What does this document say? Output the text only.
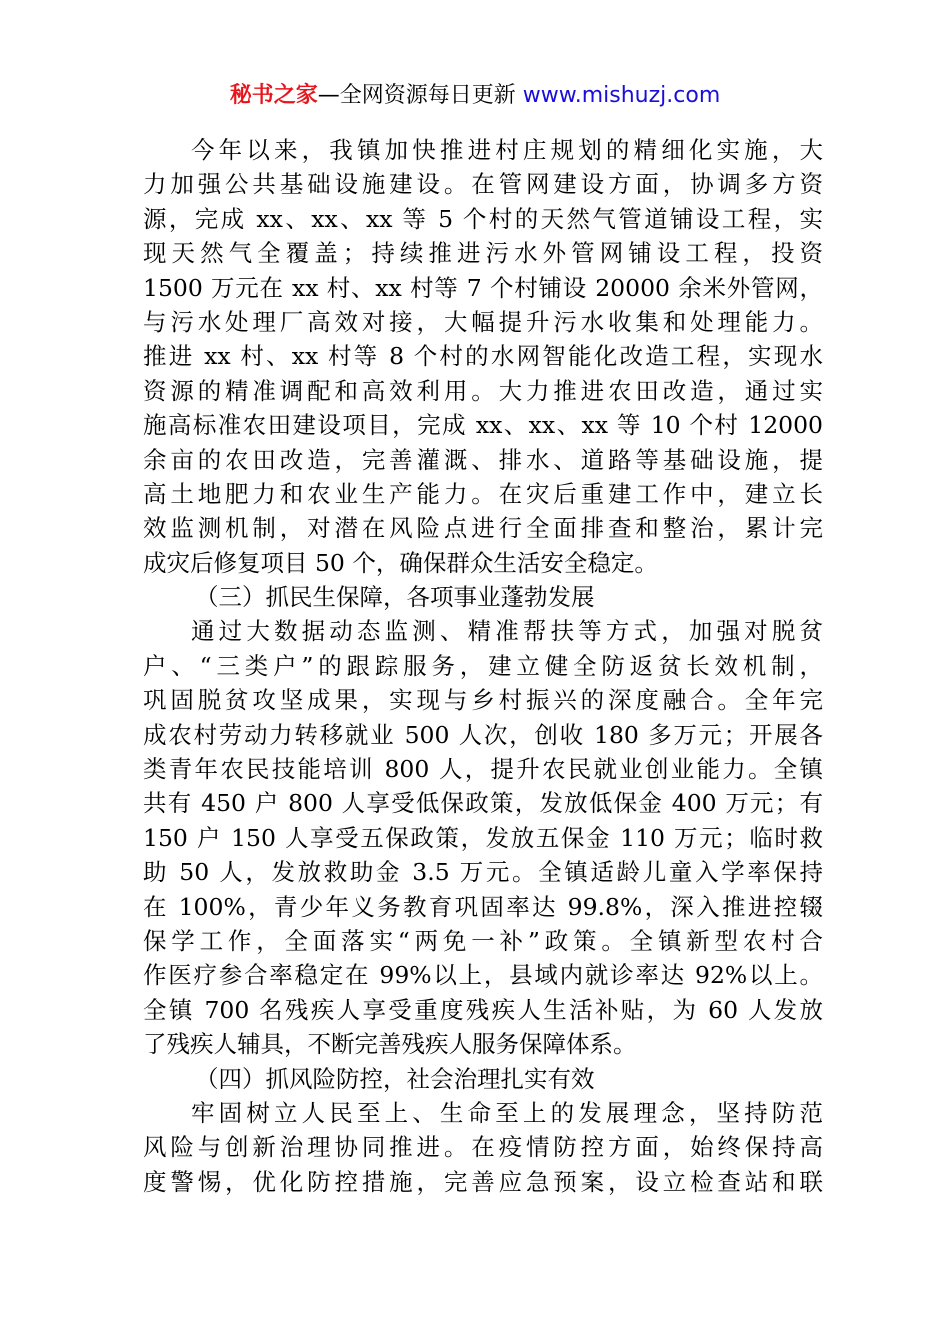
秘书之家—全网资源每日更新 www.mishuzj.com
今年以来，我镇加快推进村庄规划的精细化实施，大
力加强公共基础设施建设。在管网建设方面，协调多方资
源，完成 xx、xx、xx 等 5 个村的天然气管道铺设工程，实
现天然气全覆盖；持续推进污水外管网铺设工程，投资
1500 万元在 xx 村、xx 村等 7 个村铺设 20000 余米外管网，
与污水处理厂高效对接，大幅提升污水收集和处理能力。
推进 xx 村、xx 村等 8 个村的水网智能化改造工程，实现水
资源的精准调配和高效利用。大力推进农田改造，通过实
施高标准农田建设项目，完成 xx、xx、xx 等 10 个村 12000
余亩的农田改造，完善灌溉、排水、道路等基础设施，提
高土地肥力和农业生产能力。在灾后重建工作中，建立长
效监测机制，对潜在风险点进行全面排查和整治，累计完
成灾后修复项目 50 个，确保群众生活安全稳定。
（三）抓民生保障，各项事业蓬勃发展
通过大数据动态监测、精准帮扶等方式，加强对脱贫
户、“三类户”的跟踪服务，建立健全防返贫长效机制，
巩固脱贫攻坚成果，实现与乡村振兴的深度融合。全年完
成农村劳动力转移就业 500 人次，创收 180 多万元；开展各
类青年农民技能培训 800 人，提升农民就业创业能力。全镇
共有 450 户 800 人享受低保政策，发放低保金 400 万元；有
150 户 150 人享受五保政策，发放五保金 110 万元；临时救
助 50 人，发放救助金 3.5 万元。全镇适龄儿童入学率保持
在 100%，青少年义务教育巩固率达 99.8%，深入推进控辍
保学工作，全面落实“两免一补”政策。全镇新型农村合
作医疗参合率稳定在 99%以上，县域内就诊率达 92%以上。
全镇 700 名残疾人享受重度残疾人生活补贴，为 60 人发放
了残疾人辅具，不断完善残疾人服务保障体系。
（四）抓风险防控，社会治理扎实有效
牢固树立人民至上、生命至上的发展理念，坚持防范
风险与创新治理协同推进。在疫情防控方面，始终保持高
度警惕，优化防控措施，完善应急预案，设立检查站和联
